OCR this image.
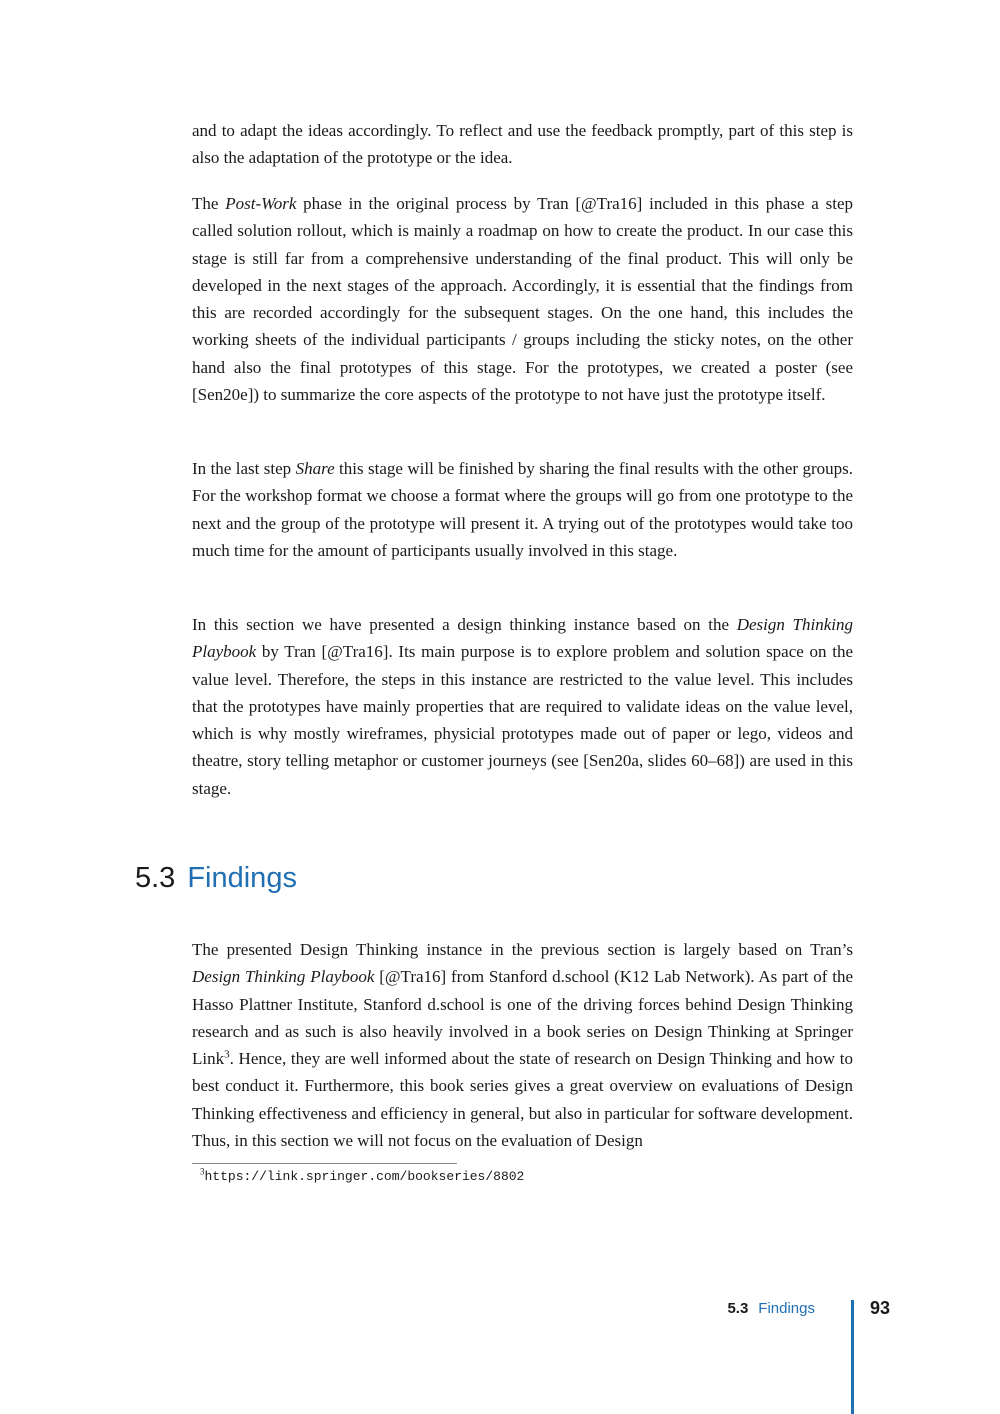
and to adapt the ideas accordingly. To reflect and use the feedback promptly, part of this step is also the adaptation of the prototype or the idea.

The Post-Work phase in the original process by Tran [@Tra16] included in this phase a step called solution rollout, which is mainly a roadmap on how to create the product. In our case this stage is still far from a comprehensive understanding of the final product. This will only be developed in the next stages of the approach. Accordingly, it is essential that the findings from this are recorded accordingly for the subsequent stages. On the one hand, this includes the working sheets of the individual participants / groups including the sticky notes, on the other hand also the final prototypes of this stage. For the prototypes, we created a poster (see [Sen20e]) to summarize the core aspects of the prototype to not have just the prototype itself.

In the last step Share this stage will be finished by sharing the final results with the other groups. For the workshop format we choose a format where the groups will go from one prototype to the next and the group of the prototype will present it. A trying out of the prototypes would take too much time for the amount of participants usually involved in this stage.

In this section we have presented a design thinking instance based on the Design Thinking Playbook by Tran [@Tra16]. Its main purpose is to explore problem and solution space on the value level. Therefore, the steps in this instance are restricted to the value level. This includes that the prototypes have mainly properties that are required to validate ideas on the value level, which is why mostly wireframes, physicial prototypes made out of paper or lego, videos and theatre, story telling metaphor or customer journeys (see [Sen20a, slides 60–68]) are used in this stage.

5.3 Findings

The presented Design Thinking instance in the previous section is largely based on Tran’s Design Thinking Playbook [@Tra16] from Stanford d.school (K12 Lab Network). As part of the Hasso Plattner Institute, Stanford d.school is one of the driving forces behind Design Thinking research and as such is also heavily involved in a book series on Design Thinking at Springer Link$^3$. Hence, they are well informed about the state of research on Design Thinking and how to best conduct it. Furthermore, this book series gives a great overview on evaluations of Design Thinking effectiveness and efficiency in general, but also in particular for software development. Thus, in this section we will not focus on the evaluation of Design

$^3$https://link.springer.com/bookseries/8802

5.3 Findings	93
